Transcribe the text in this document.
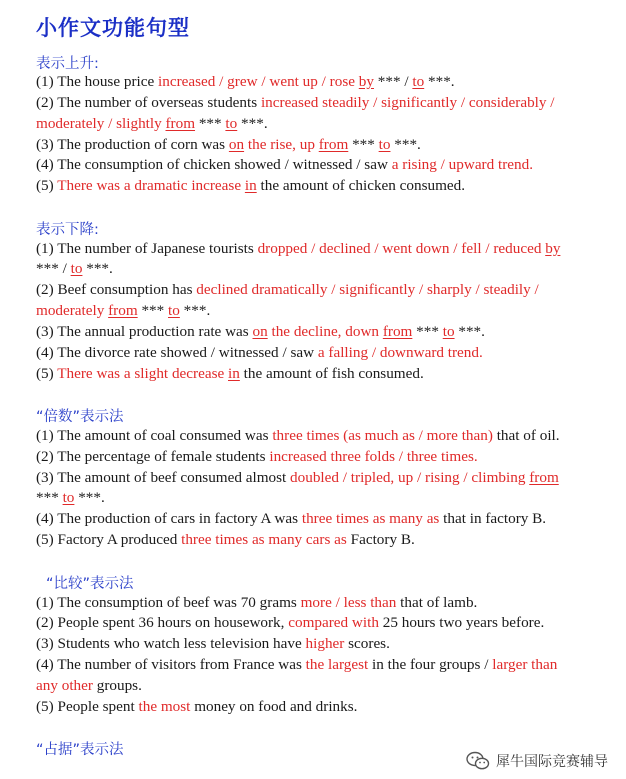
小作文功能句型
表示上升:
(1) The house price increased / grew / went up / rose by *** / to ***.
(2) The number of overseas students increased steadily / significantly / considerably /
moderately / slightly from *** to ***.
(3) The production of corn was on the rise, up from *** to ***.
(4) The consumption of chicken showed / witnessed / saw a rising / upward trend.
(5) There was a dramatic increase in the amount of chicken consumed.
表示下降:
(1) The number of Japanese tourists dropped / declined / went down / fell / reduced by
*** / to ***.
(2) Beef consumption has declined dramatically / significantly / sharply / steadily /
moderately from *** to ***.
(3) The annual production rate was on the decline, down from *** to ***.
(4) The divorce rate showed / witnessed / saw a falling / downward trend.
(5) There was a slight decrease in the amount of fish consumed.
“倍数”表示法
(1) The amount of coal consumed was three times (as much as / more than) that of oil.
(2) The percentage of female students increased three folds / three times.
(3) The amount of beef consumed almost doubled / tripled, up / rising / climbing from
*** to ***.
(4) The production of cars in factory A was three times as many as that in factory B.
(5) Factory A produced three times as many cars as Factory B.
“比较”表示法
(1) The consumption of beef was 70 grams more / less than that of lamb.
(2) People spent 36 hours on housework, compared with 25 hours two years before.
(3) Students who watch less television have higher scores.
(4) The number of visitors from France was the largest in the four groups / larger than
any other groups.
(5) People spent the most money on food and drinks.
“占据”表示法
犀牛国际竞赛辅导
